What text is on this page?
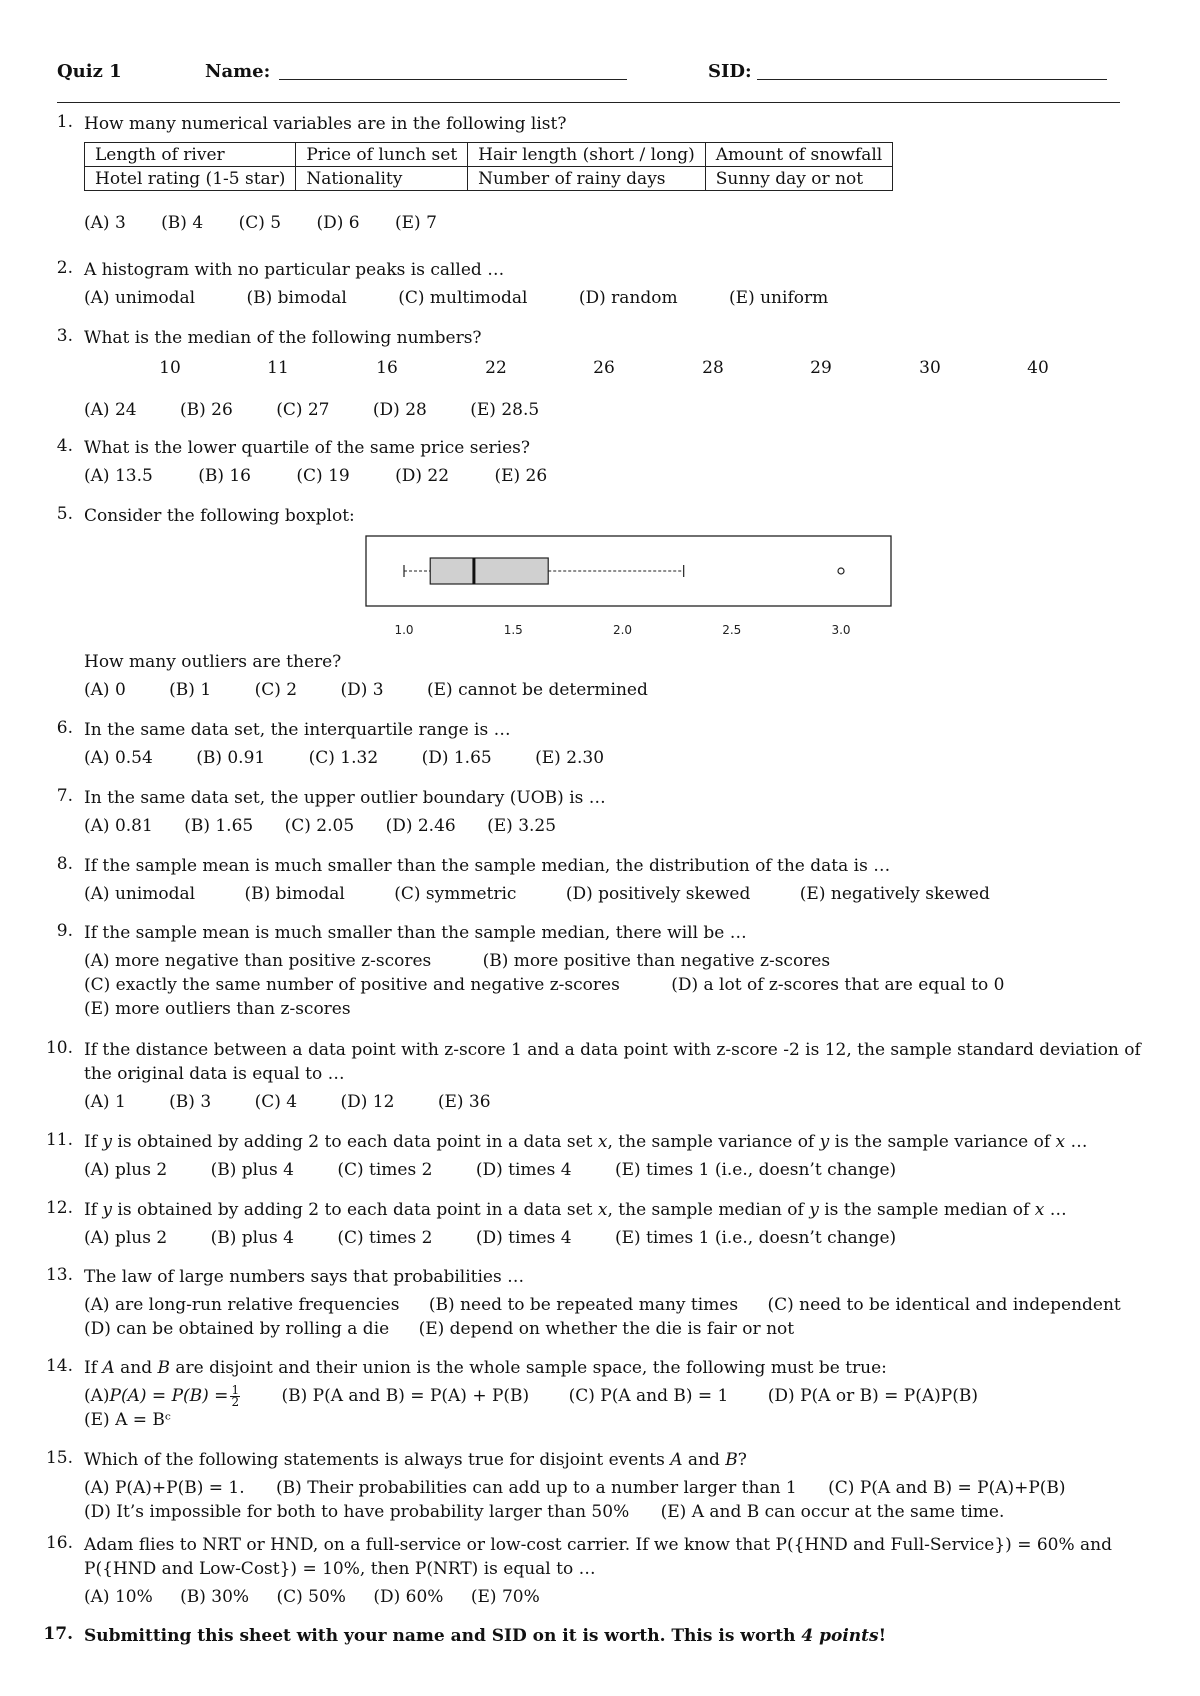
Quiz 1	Name:	SID:
1. How many numerical variables are in the following list?
Length of river	Price of lunch set	Hair length (short / long)	Amount of snowfall
Hotel rating (1-5 star)	Nationality	Number of rainy days	Sunny day or not
(A) 3 (B) 4 (C) 5 (D) 6 (E) 7
2. A histogram with no particular peaks is called …
(A) unimodal	(B) bimodal	(C) multimodal	(D) random	(E) uniform
3. What is the median of the following numbers?
10	11	16	22	26	28	29	30	40
(A) 24	(B) 26	(C) 27	(D) 28	(E) 28.5
4. What is the lower quartile of the same price series?
(A) 13.5	(B) 16	(C) 19	(D) 22	(E) 26
5. Consider the following boxplot:
1.0	1.5	2.0	2.5	3.0
How many outliers are there?
(A) 0	(B) 1	(C) 2	(D) 3	(E) cannot be determined
6. In the same data set, the interquartile range is …
(A) 0.54	(B) 0.91	(C) 1.32	(D) 1.65	(E) 2.30
7. In the same data set, the upper outlier boundary (UOB) is …
(A) 0.81 (B) 1.65 (C) 2.05 (D) 2.46 (E) 3.25
8. If the sample mean is much smaller than the sample median, the distribution of the data is …
(A) unimodal	(B) bimodal	(C) symmetric	(D) positively skewed	(E) negatively skewed
9. If the sample mean is much smaller than the sample median, there will be …
(A) more negative than positive z-scores	(B) more positive than negative z-scores
(C) exactly the same number of positive and negative z-scores	(D) a lot of z-scores that are equal to 0
(E) more outliers than z-scores
10. If the distance between a data point with z-score 1 and a data point with z-score -2 is 12, the sample standard deviation of the original data is equal to …
(A) 1	(B) 3	(C) 4	(D) 12	(E) 36
11. If y is obtained by adding 2 to each data point in a data set x, the sample variance of y is the sample variance of x …
(A) plus 2	(B) plus 4	(C) times 2	(D) times 4	(E) times 1 (i.e., doesn’t change)
12. If y is obtained by adding 2 to each data point in a data set x, the sample median of y is the sample median of x …
(A) plus 2	(B) plus 4	(C) times 2	(D) times 4	(E) times 1 (i.e., doesn’t change)
13. The law of large numbers says that probabilities …
(A) are long-run relative frequencies (B) need to be repeated many times (C) need to be identical and independent
(D) can be obtained by rolling a die (E) depend on whether the die is fair or not
14. If A and B are disjoint and their union is the whole sample space, the following must be true:
$(A)P(A) = P(B) = \frac{1}{2} (B)$ P(A and B) = P(A) + P(B) (C) P(A and B) = 1 (D) P(A or B) = P(A)P(B)
(E) A = Bᶜ
15. Which of the following statements is always true for disjoint events A and B?
(A) P(A)+P(B) = 1. (B) Their probabilities can add up to a number larger than 1 (C) P(A and B) = P(A)+P(B)
(D) It’s impossible for both to have probability larger than 50% (E) A and B can occur at the same time.
16. Adam flies to NRT or HND, on a full-service or low-cost carrier. If we know that P({HND and Full-Service}) = 60% and P({HND and Low-Cost}) = 10%, then P(NRT) is equal to …
(A) 10% (B) 30% (C) 50% (D) 60% (E) 70%
17. Submitting this sheet with your name and SID on it is worth. This is worth 4 points!
